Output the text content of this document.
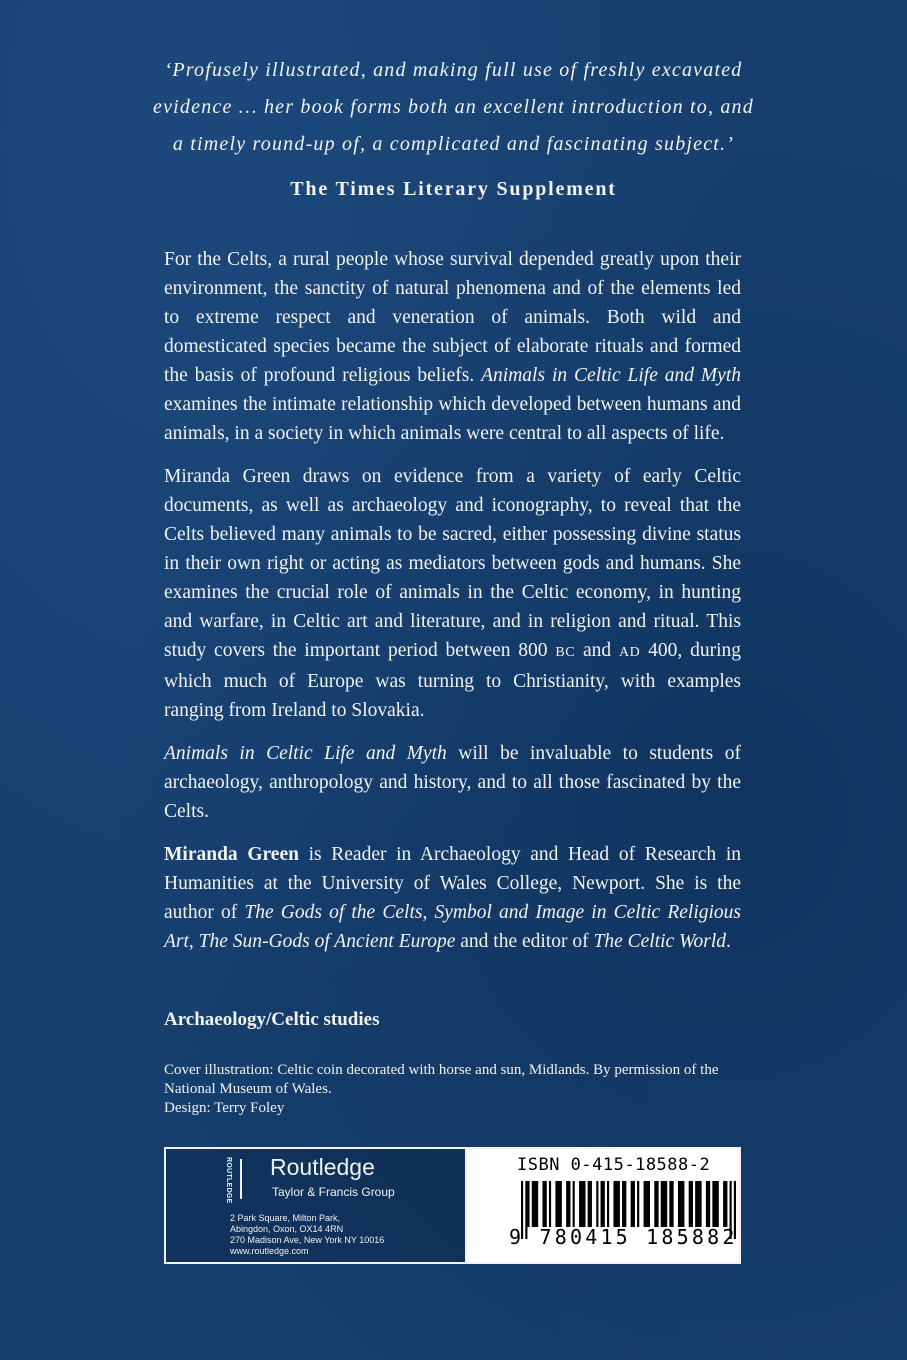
‘Profusely illustrated, and making full use of freshly excavated
evidence … her book forms both an excellent introduction to, and
a timely round-up of, a complicated and fascinating subject.’
The Times Literary Supplement

For the Celts, a rural people whose survival depended greatly upon their environment, the sanctity of natural phenomena and of the elements led to extreme respect and veneration of animals. Both wild and domesticated species became the subject of elaborate rituals and formed the basis of profound religious beliefs. Animals in Celtic Life and Myth examines the intimate relationship which developed between humans and animals, in a society in which animals were central to all aspects of life.

Miranda Green draws on evidence from a variety of early Celtic documents, as well as archaeology and iconography, to reveal that the Celts believed many animals to be sacred, either possessing divine status in their own right or acting as mediators between gods and humans. She examines the crucial role of animals in the Celtic economy, in hunting and warfare, in Celtic art and literature, and in religion and ritual. This study covers the important period between 800 BC and AD 400, during which much of Europe was turning to Christianity, with examples ranging from Ireland to Slovakia.

Animals in Celtic Life and Myth will be invaluable to students of archaeology, anthropology and history, and to all those fascinated by the Celts.

Miranda Green is Reader in Archaeology and Head of Research in Humanities at the University of Wales College, Newport. She is the author of The Gods of the Celts, Symbol and Image in Celtic Religious Art, The Sun-Gods of Ancient Europe and the editor of The Celtic World.

Archaeology/Celtic studies
Cover illustration: Celtic coin decorated with horse and sun, Midlands. By permission of the National Museum of Wales.
Design: Terry Foley
ROUTLEDGE Routledge
Taylor & Francis Group
2 Park Square, Milton Park,
Abingdon, Oxon, OX14 4RN
270 Madison Ave, New York NY 10016
www.routledge.com
ISBN 0-415-18588-2
9 780415 185882
